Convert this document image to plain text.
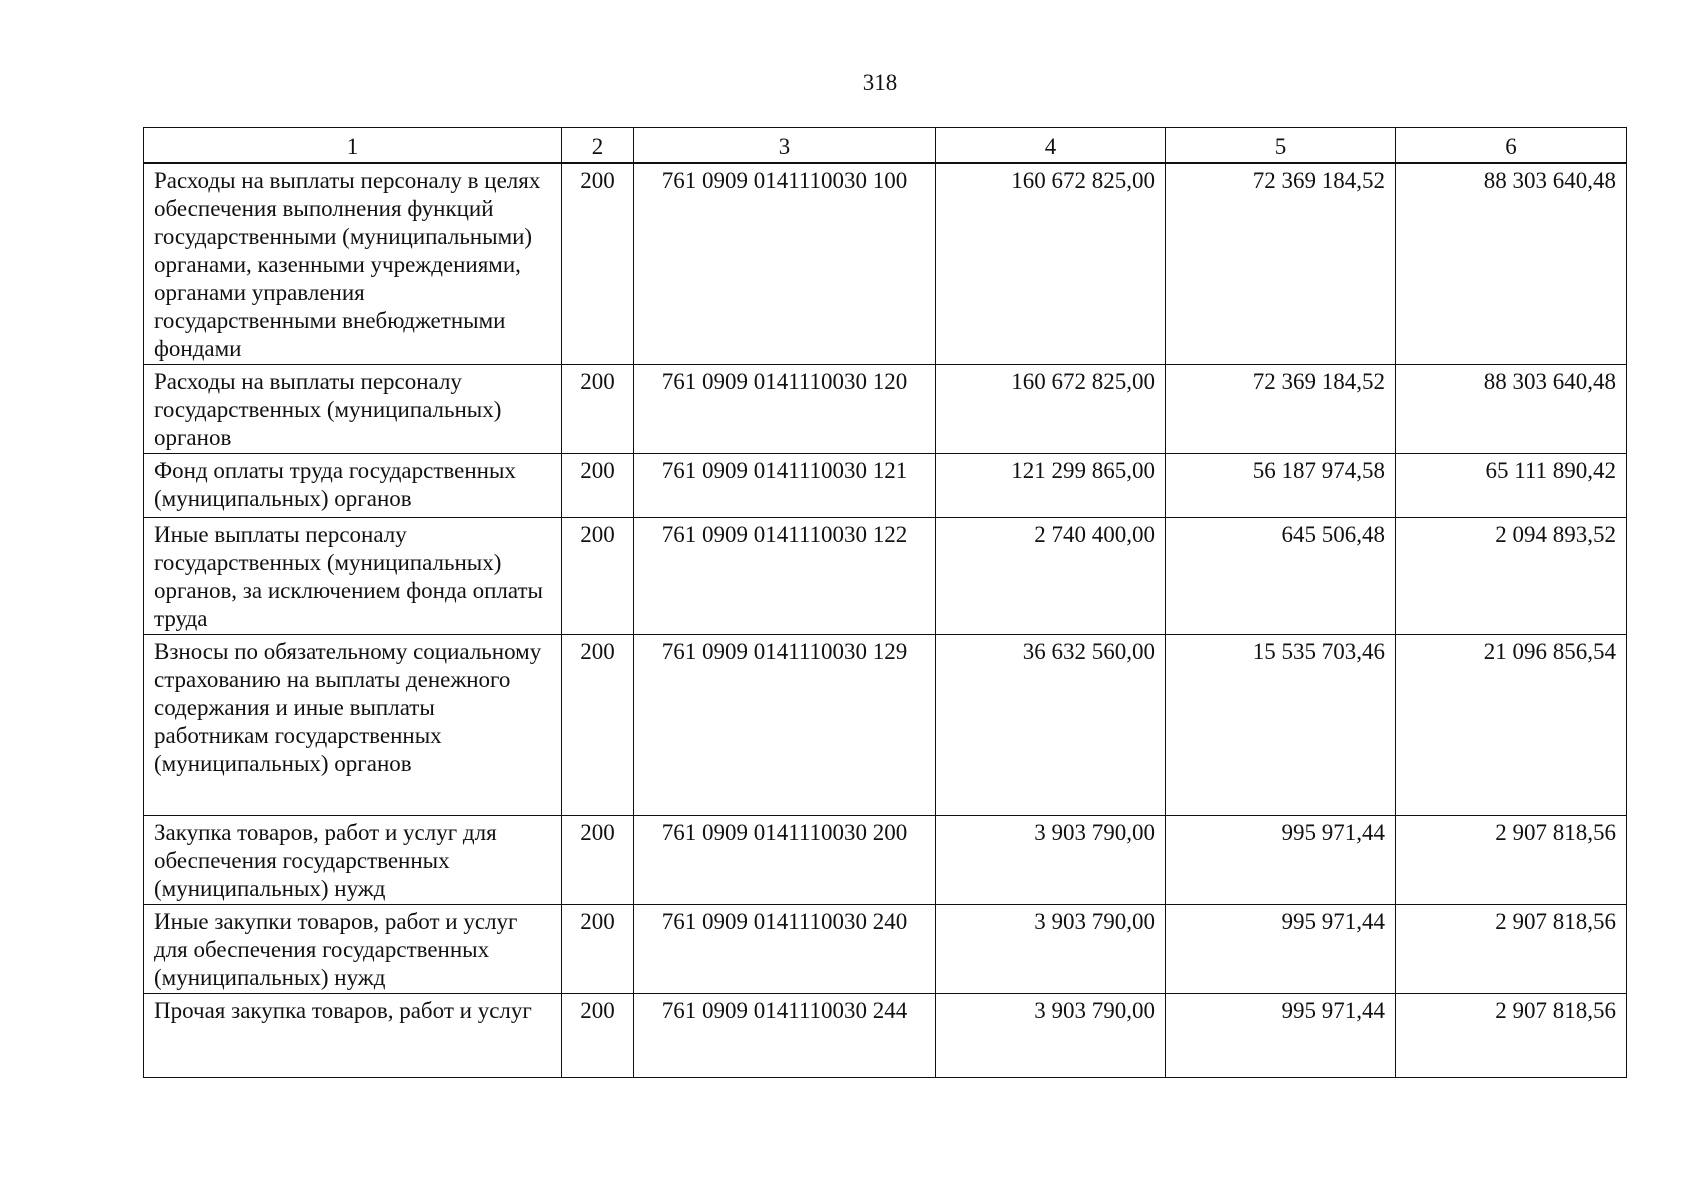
318
1	2	3	4	5	6
Расходы на выплаты персоналу в целях обеспечения выполнения функций государственными (муниципальными) органами, казенными учреждениями, органами управления государственными внебюджетными фондами	200	761 0909 0141110030 100	160 672 825,00	72 369 184,52	88 303 640,48
Расходы на выплаты персоналу государственных (муниципальных) органов	200	761 0909 0141110030 120	160 672 825,00	72 369 184,52	88 303 640,48
Фонд оплаты труда государственных (муниципальных) органов	200	761 0909 0141110030 121	121 299 865,00	56 187 974,58	65 111 890,42
Иные выплаты персоналу государственных (муниципальных) органов, за исключением фонда оплаты труда	200	761 0909 0141110030 122	2 740 400,00	645 506,48	2 094 893,52
Взносы по обязательному социальному страхованию на выплаты денежного содержания и иные выплаты работникам государственных (муниципальных) органов	200	761 0909 0141110030 129	36 632 560,00	15 535 703,46	21 096 856,54
Закупка товаров, работ и услуг для обеспечения государственных (муниципальных) нужд	200	761 0909 0141110030 200	3 903 790,00	995 971,44	2 907 818,56
Иные закупки товаров, работ и услуг для обеспечения государственных (муниципальных) нужд	200	761 0909 0141110030 240	3 903 790,00	995 971,44	2 907 818,56
Прочая закупка товаров, работ и услуг	200	761 0909 0141110030 244	3 903 790,00	995 971,44	2 907 818,56
